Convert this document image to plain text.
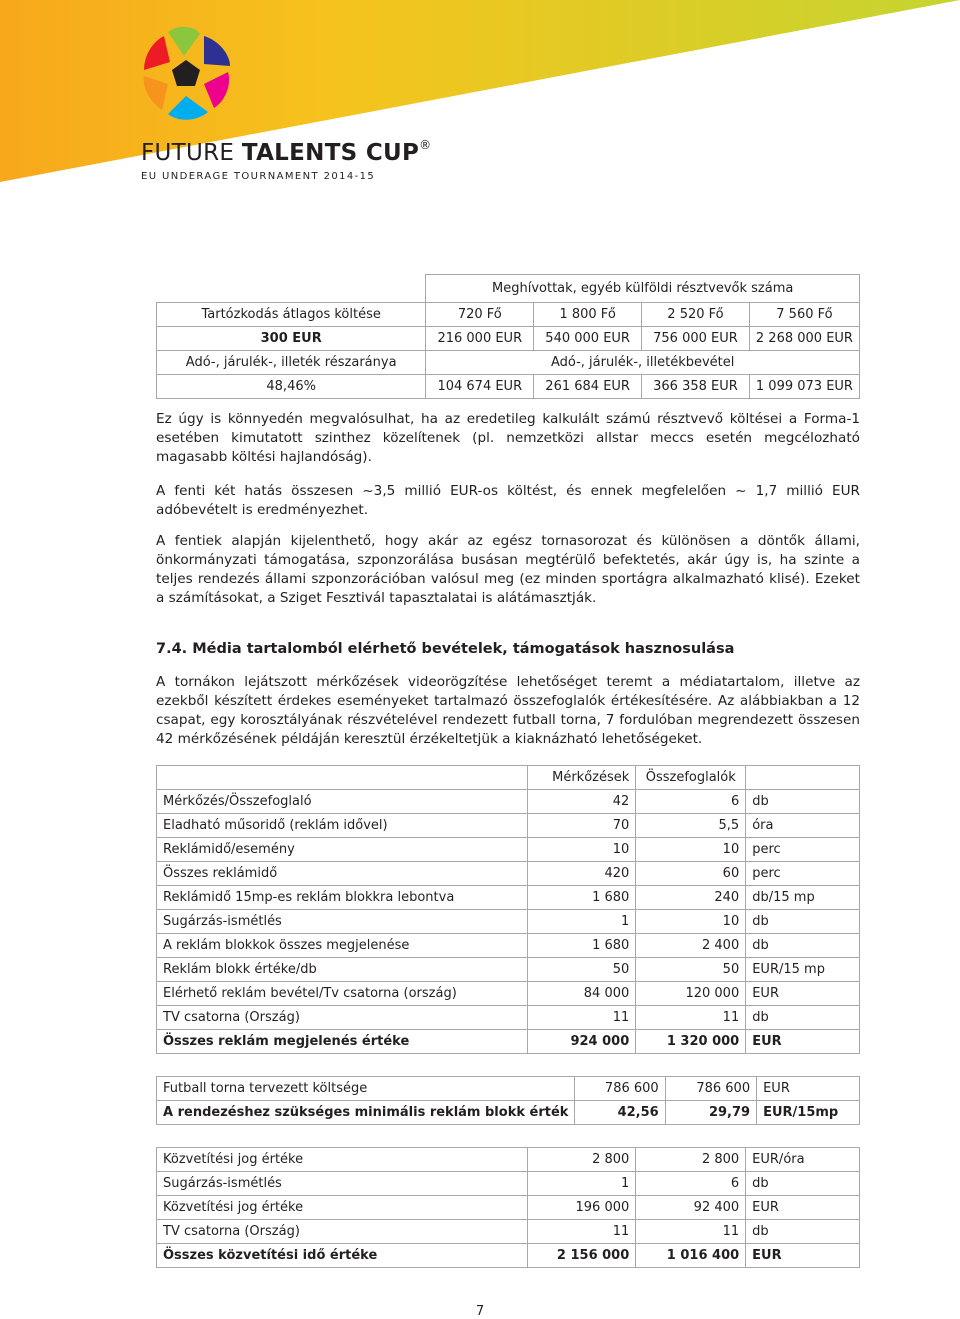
FUTURE TALENTS CUP®
EU UNDERAGE TOURNAMENT 2014-15
	Meghívottak, egyéb külföldi résztvevők száma			
Tartózkodás átlagos költése	720 Fő	1 800 Fő	2 520 Fő	7 560 Fő
300 EUR	216 000 EUR	540 000 EUR	756 000 EUR	2 268 000 EUR
Adó-, járulék-, illeték részaránya	Adó-, járulék-, illetékbevétel			
48,46%	104 674 EUR	261 684 EUR	366 358 EUR	1 099 073 EUR

Ez úgy is könnyedén megvalósulhat, ha az eredetileg kalkulált számú résztvevő költései a Forma-1 esetében kimutatott szinthez közelítenek (pl. nemzetközi allstar meccs esetén megcélozható magasabb költési hajlandóság).

A fenti két hatás összesen ~3,5 millió EUR-os költést, és ennek megfelelően ~ 1,7 millió EUR adóbevételt is eredményezhet.

A fentiek alapján kijelenthető, hogy akár az egész tornasorozat és különösen a döntők állami, önkormányzati támogatása, szponzorálása busásan megtérülő befektetés, akár úgy is, ha szinte a teljes rendezés állami szponzorációban valósul meg (ez minden sportágra alkalmazható klisé). Ezeket a számításokat, a Sziget Fesztivál tapasztalatai is alátámasztják.

7.4. Média tartalomból elérhető bevételek, támogatások hasznosulása

A tornákon lejátszott mérkőzések videorögzítése lehetőséget teremt a médiatartalom, illetve az ezekből készített érdekes eseményeket tartalmazó összefoglalók értékesítésére. Az alábbiakban a 12 csapat, egy korosztályának részvételével rendezett futball torna, 7 fordulóban megrendezett összesen 42 mérkőzésének példáján keresztül érzékeltetjük a kiaknázható lehetőségeket.

	Mérkőzések	Összefoglalók	
Mérkőzés/Összefoglaló	42	6	db
Eladható műsoridő (reklám idővel)	70	5,5	óra
Reklámidő/esemény	10	10	perc
Összes reklámidő	420	60	perc
Reklámidő 15mp-es reklám blokkra lebontva	1 680	240	db/15 mp
Sugárzás-ismétlés	1	10	db
A reklám blokkok összes megjelenése	1 680	2 400	db
Reklám blokk értéke/db	50	50	EUR/15 mp
Elérhető reklám bevétel/Tv csatorna (ország)	84 000	120 000	EUR
TV csatorna (Ország)	11	11	db
Összes reklám megjelenés értéke	924 000	1 320 000	EUR
Futball torna tervezett költsége	786 600	786 600	EUR
A rendezéshez szükséges minimális reklám blokk érték	42,56	29,79	EUR/15mp
Közvetítési jog értéke	2 800	2 800	EUR/óra
Sugárzás-ismétlés	1	6	db
Közvetítési jog értéke	196 000	92 400	EUR
TV csatorna (Ország)	11	11	db
Összes közvetítési idő értéke	2 156 000	1 016 400	EUR
7
